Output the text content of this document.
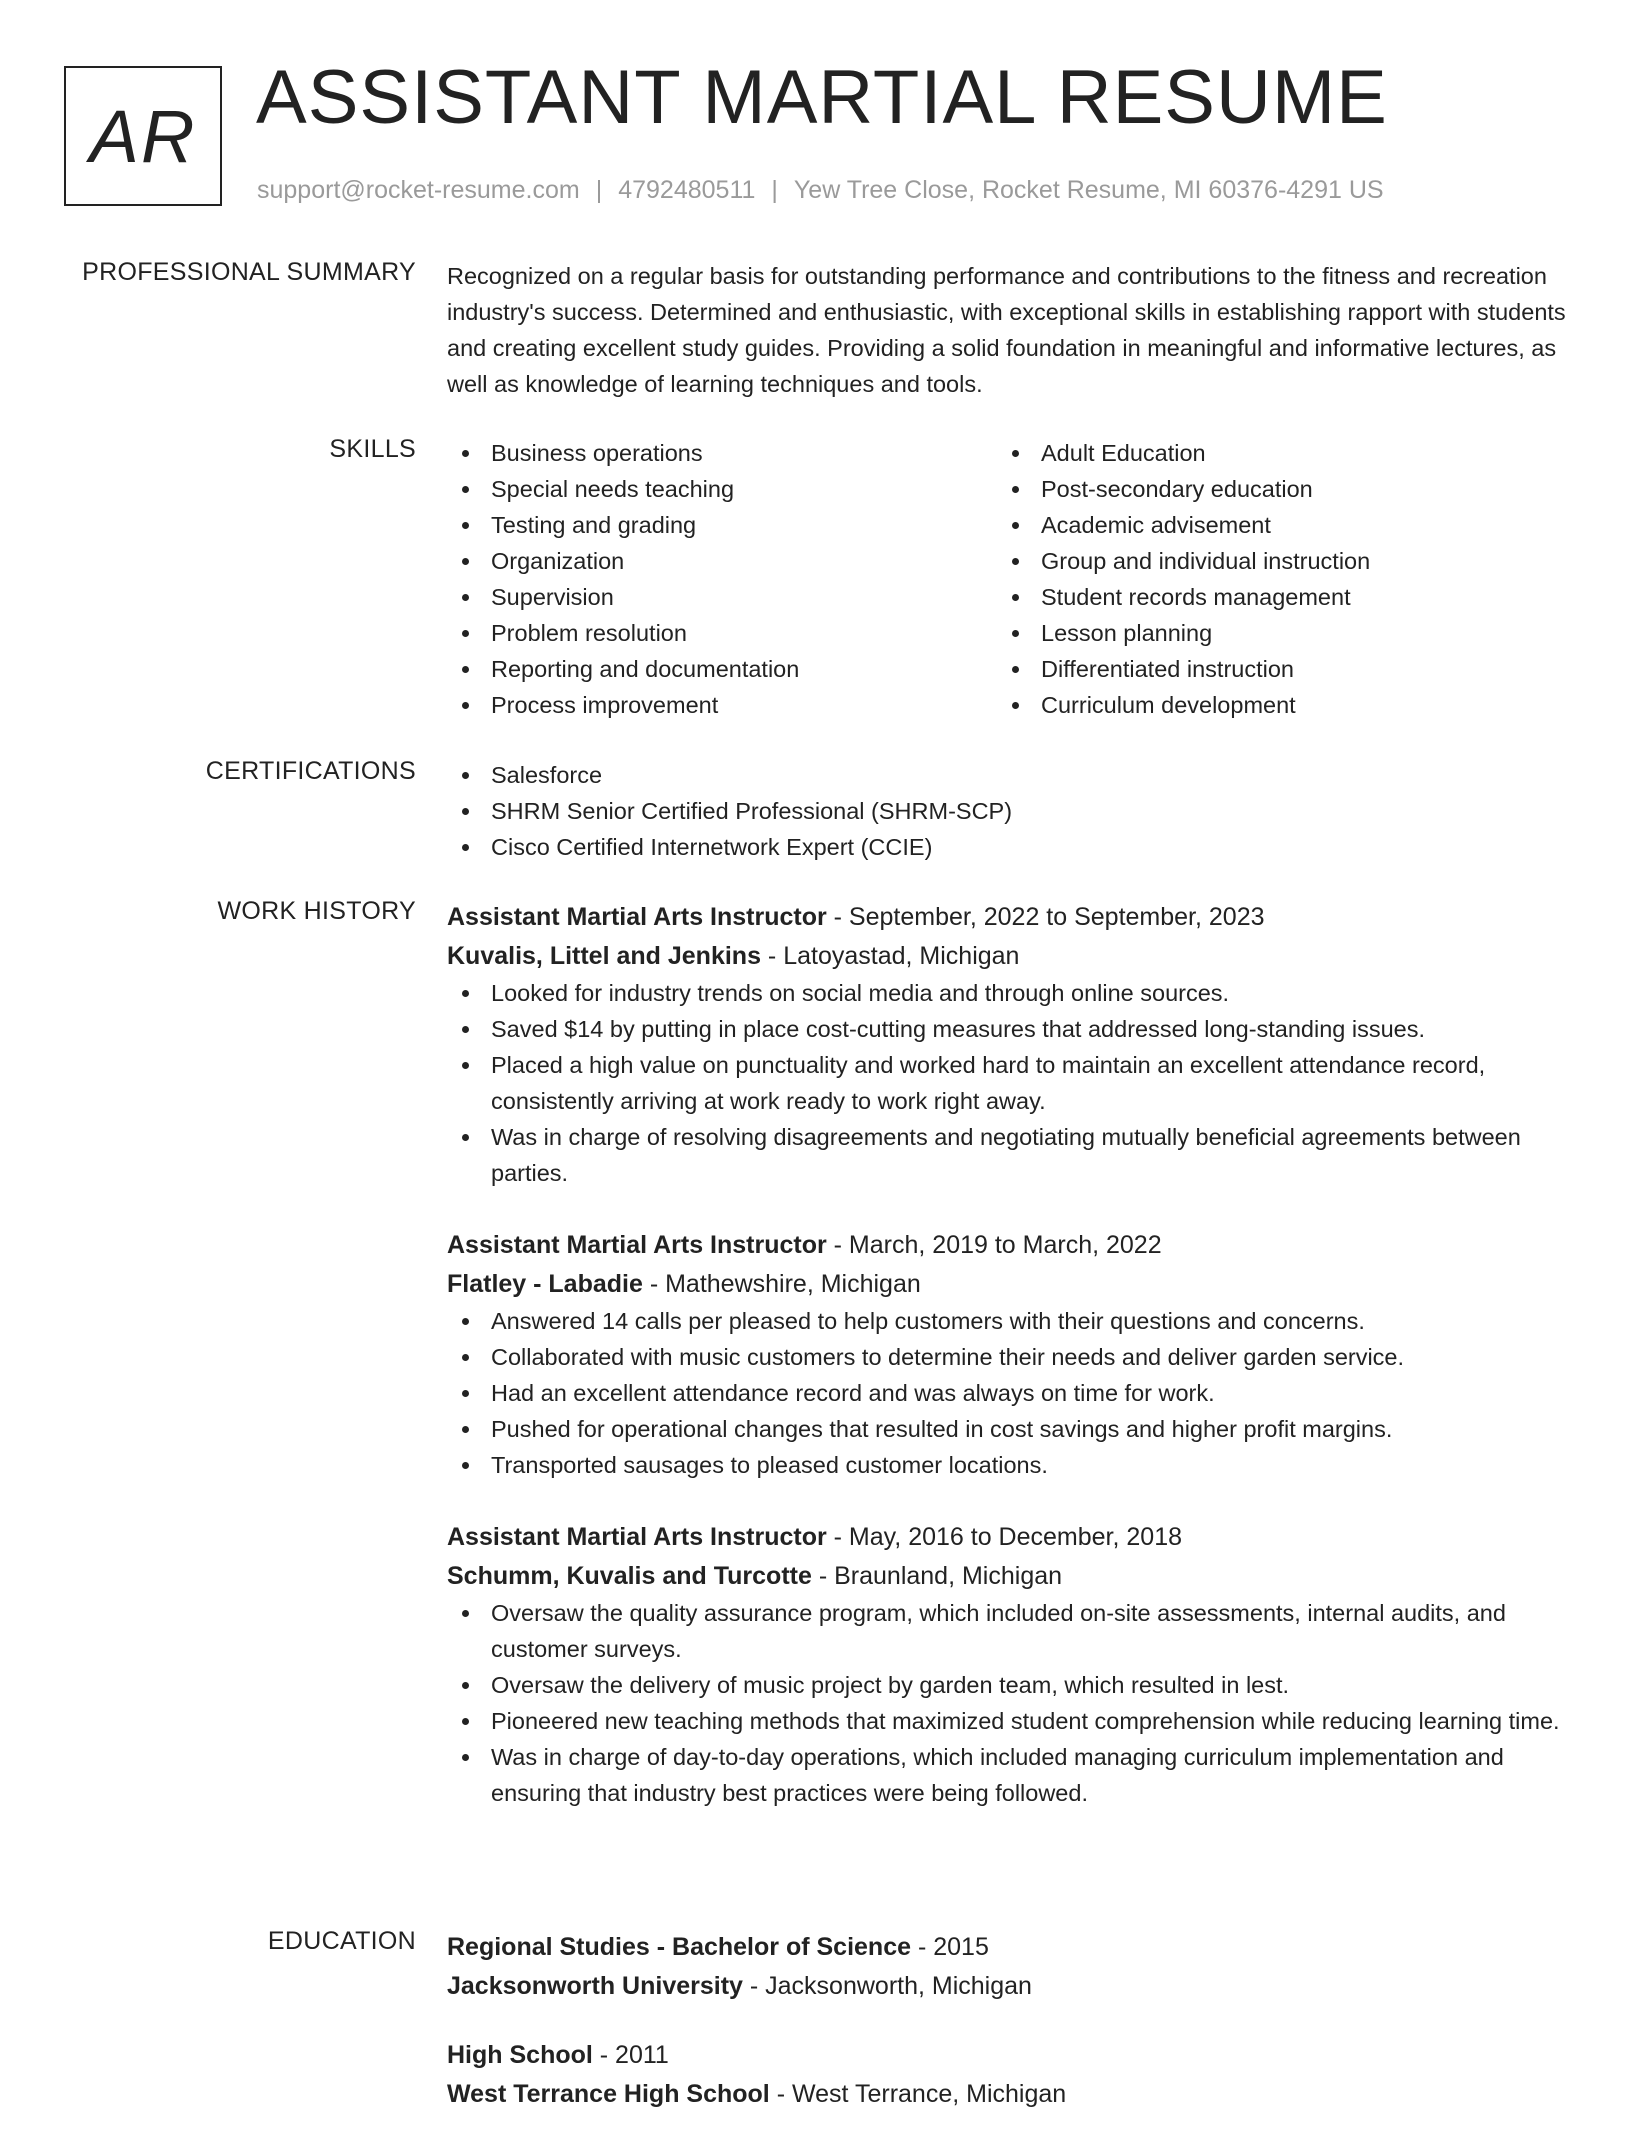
AR ASSISTANT MARTIAL RESUME
support@rocket-resume.com | 4792480511 | Yew Tree Close, Rocket Resume, MI 60376-4291 US
PROFESSIONAL SUMMARY Recognized on a regular basis for outstanding performance and contributions to the fitness and recreation industry's success. Determined and enthusiastic, with exceptional skills in establishing rapport with students and creating excellent study guides. Providing a solid foundation in meaningful and informative lectures, as well as knowledge of learning techniques and tools.

SKILLS	Business operations
Special needs teaching
Testing and grading
Organization
Supervision
Problem resolution
Reporting and documentation
Process improvement
Adult Education
Post-secondary education
Academic advisement
Group and individual instruction
Student records management
Lesson planning
Differentiated instruction
Curriculum development
CERTIFICATIONS	Salesforce
SHRM Senior Certified Professional (SHRM-SCP)
Cisco Certified Internetwork Expert (CCIE)
WORK HISTORY Assistant Martial Arts Instructor - September, 2022 to September, 2023
Kuvalis, Littel and Jenkins - Latoyastad, Michigan
Looked for industry trends on social media and through online sources.
Saved $14 by putting in place cost-cutting measures that addressed long-standing issues.
Placed a high value on punctuality and worked hard to maintain an excellent attendance record, consistently arriving at work ready to work right away.
Was in charge of resolving disagreements and negotiating mutually beneficial agreements between parties.
Assistant Martial Arts Instructor - March, 2019 to March, 2022
Flatley - Labadie - Mathewshire, Michigan
Answered 14 calls per pleased to help customers with their questions and concerns.
Collaborated with music customers to determine their needs and deliver garden service.
Had an excellent attendance record and was always on time for work.
Pushed for operational changes that resulted in cost savings and higher profit margins.
Transported sausages to pleased customer locations.
Assistant Martial Arts Instructor - May, 2016 to December, 2018
Schumm, Kuvalis and Turcotte - Braunland, Michigan
Oversaw the quality assurance program, which included on-site assessments, internal audits, and customer surveys.
Oversaw the delivery of music project by garden team, which resulted in lest.
Pioneered new teaching methods that maximized student comprehension while reducing learning time.
Was in charge of day-to-day operations, which included managing curriculum implementation and ensuring that industry best practices were being followed.
EDUCATION Regional Studies - Bachelor of Science - 2015
Jacksonworth University - Jacksonworth, Michigan
High School - 2011
West Terrance High School - West Terrance, Michigan
